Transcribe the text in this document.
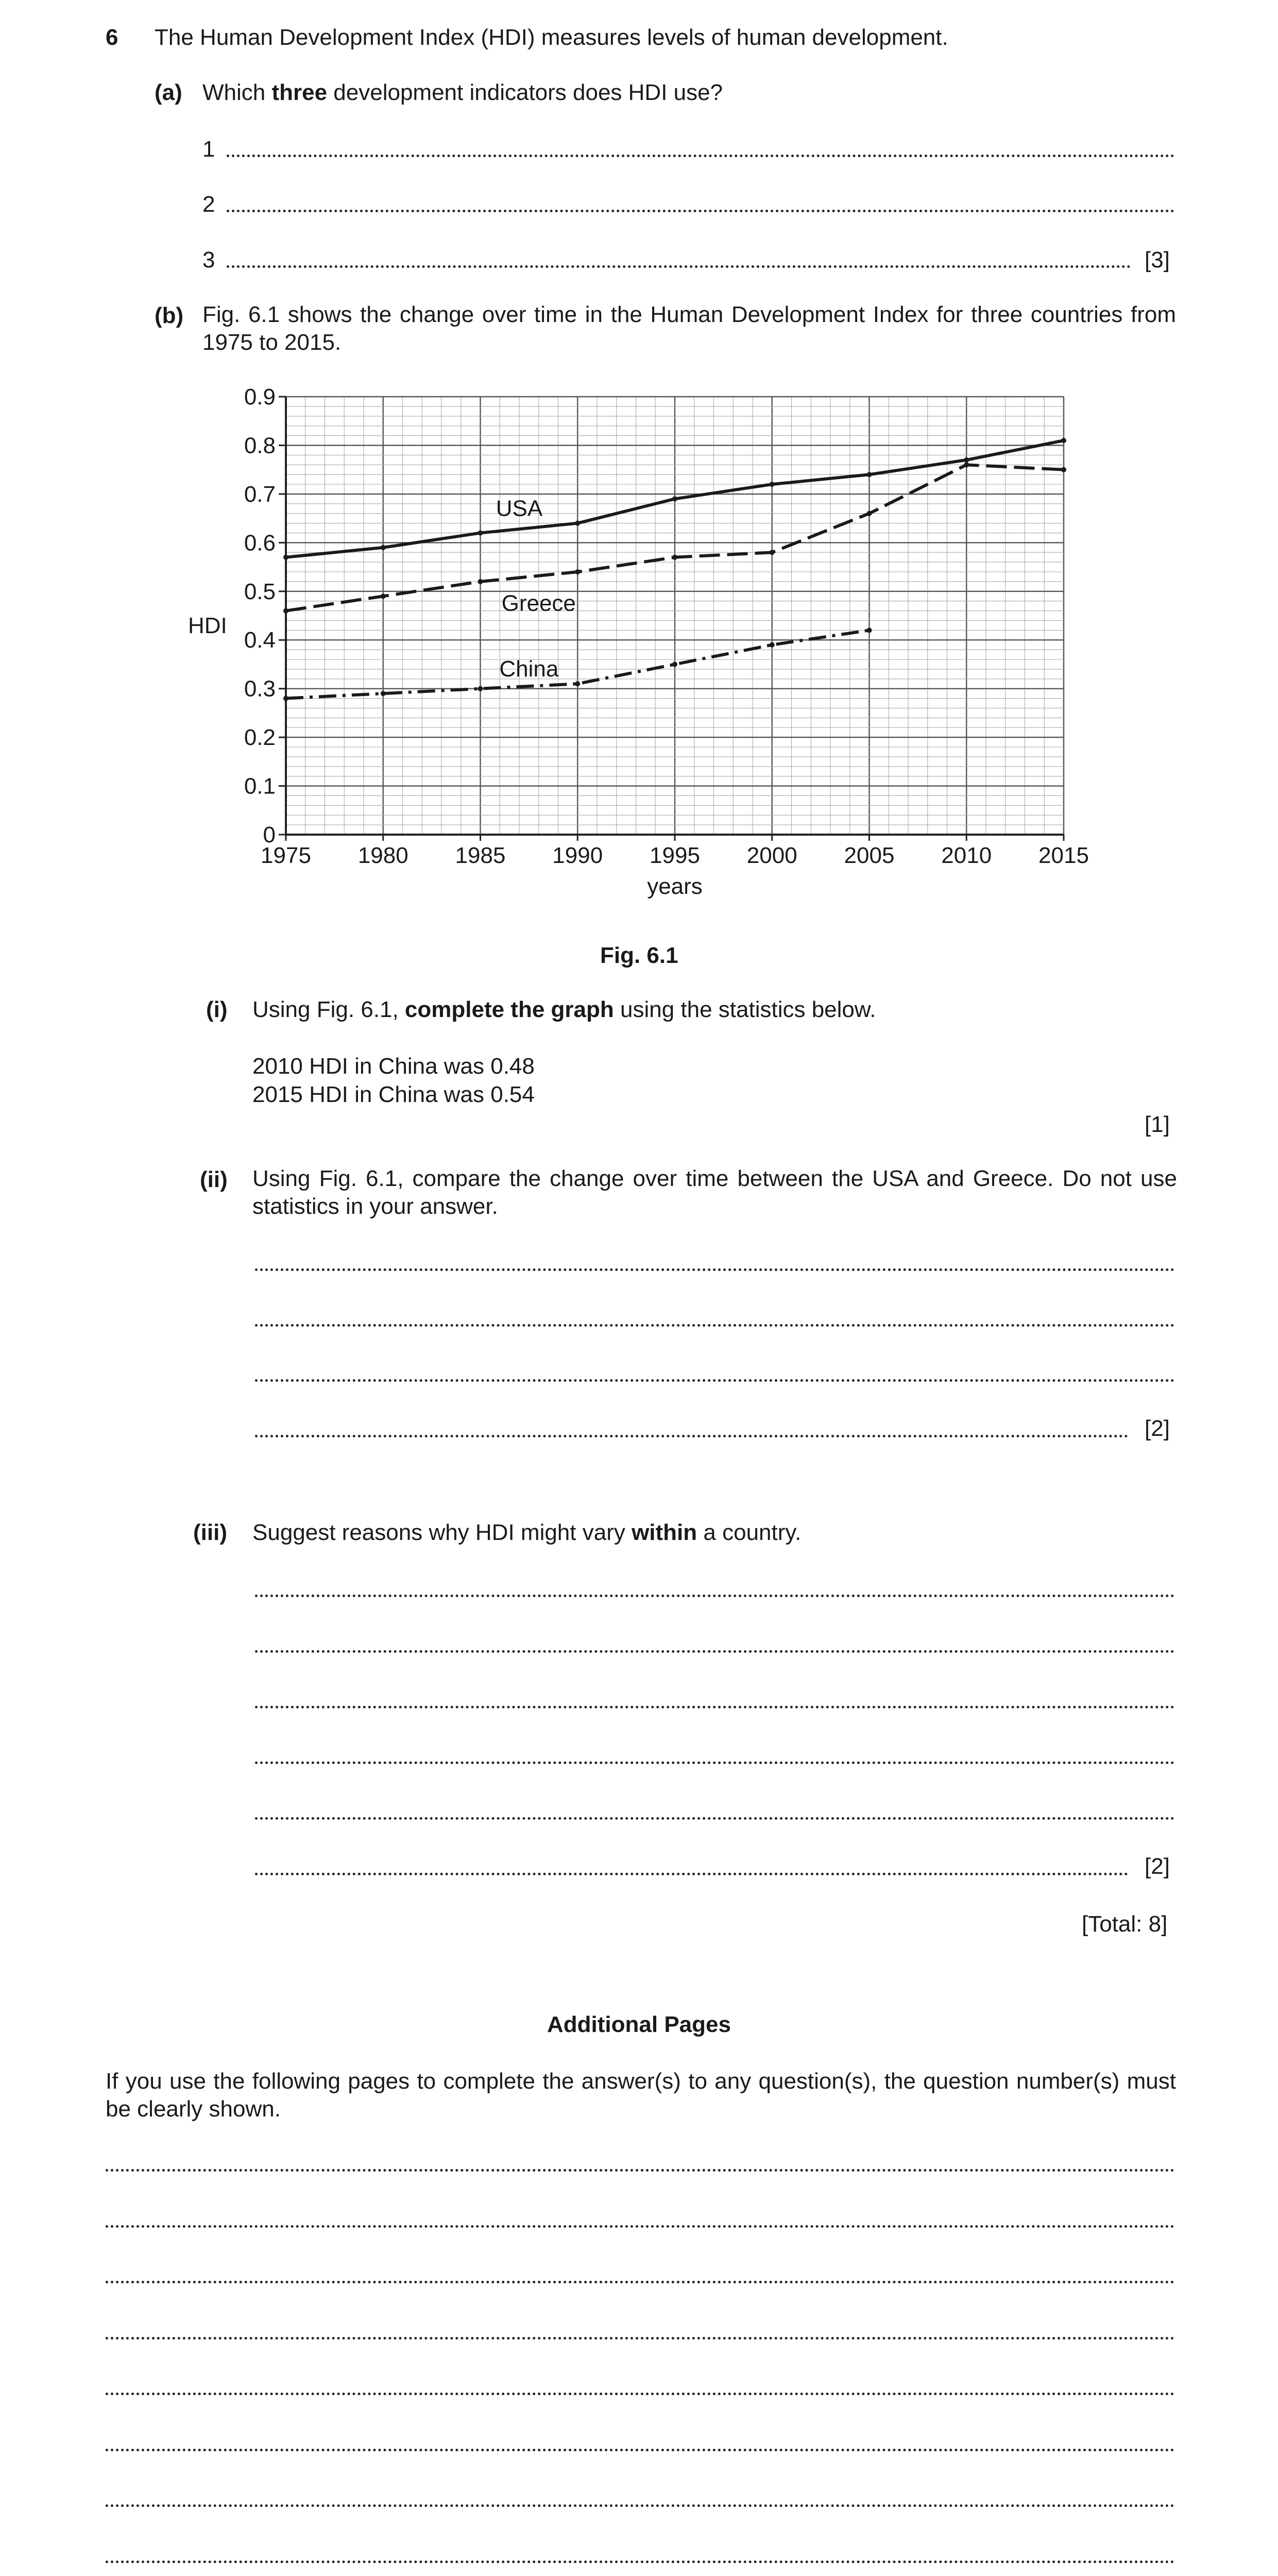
6 The Human Development Index (HDI) measures levels of human development.
(a) Which three development indicators does HDI use?
1
2
3	[3]
(b) Fig. 6.1 shows the change over time in the Human Development Index for three countries from 1975 to 2015.
1975 1980 1985 1990 1995 2000 2005 2010 2015
0
0.1
0.2
0.3
0.4
0.5
0.6
0.7
0.8
0.9
years
HDI
USA
Greece
China
Fig. 6.1
(i) Using Fig. 6.1, complete the graph using the statistics below.
2010 HDI in China was 0.48
2015 HDI in China was 0.54
[1]
(ii) Using Fig. 6.1, compare the change over time between the USA and Greece. Do not use statistics in your answer.
[2]
(iii) Suggest reasons why HDI might vary within a country.
[2]
[Total: 8]
Additional Pages
If you use the following pages to complete the answer(s) to any question(s), the question number(s) must be clearly shown.
